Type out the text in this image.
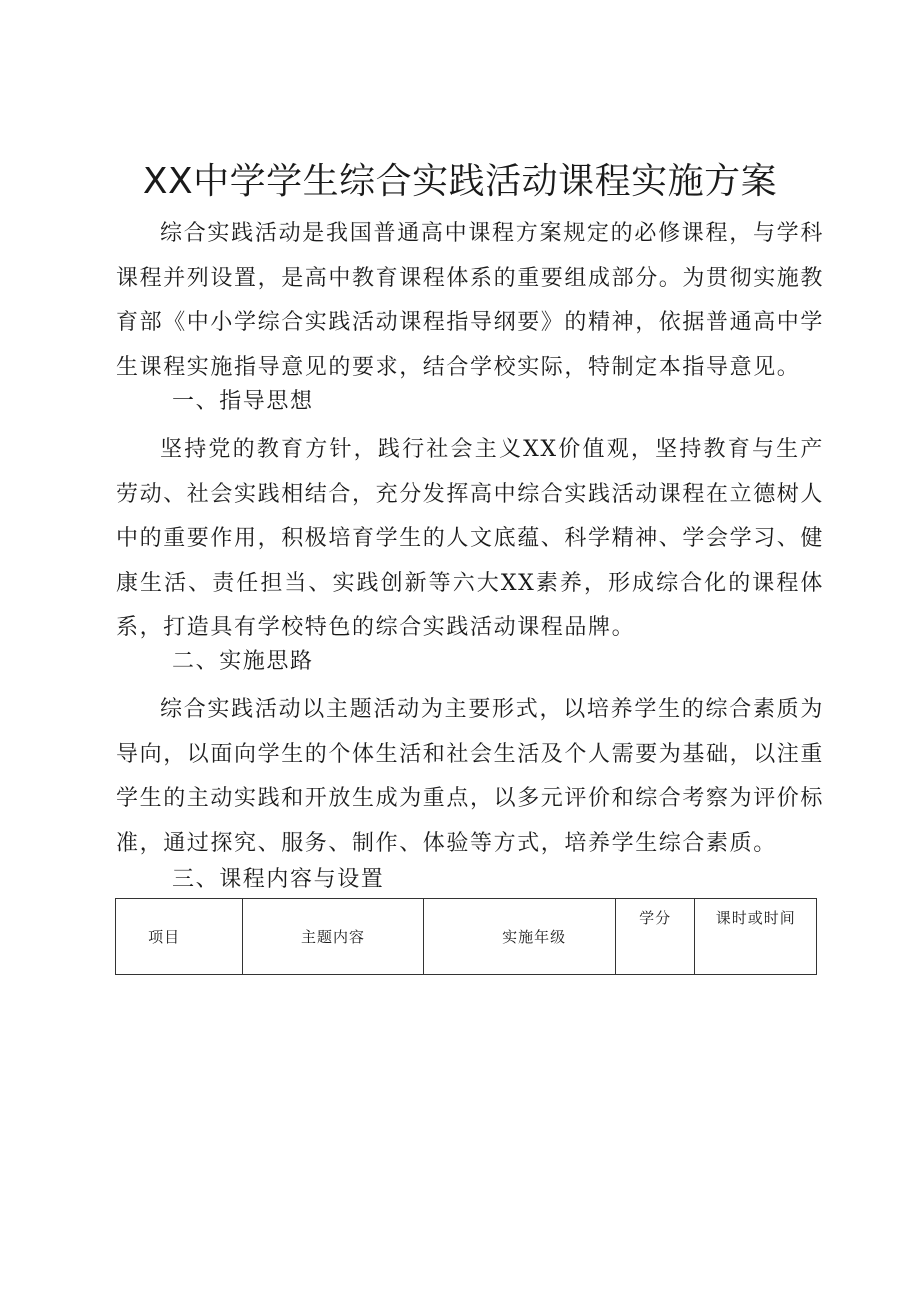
XX中学学生综合实践活动课程实施方案

综合实践活动是我国普通高中课程方案规定的必修课程，与学科课程并列设置，是高中教育课程体系的重要组成部分。为贯彻实施教育部《中小学综合实践活动课程指导纲要》的精神，依据普通高中学生课程实施指导意见的要求，结合学校实际，特制定本指导意见。

一、指导思想

坚持党的教育方针，践行社会主义XX价值观，坚持教育与生产劳动、社会实践相结合，充分发挥高中综合实践活动课程在立德树人中的重要作用，积极培育学生的人文底蕴、科学精神、学会学习、健康生活、责任担当、实践创新等六大XX素养，形成综合化的课程体系，打造具有学校特色的综合实践活动课程品牌。

二、实施思路

综合实践活动以主题活动为主要形式，以培养学生的综合素质为导向，以面向学生的个体生活和社会生活及个人需要为基础，以注重学生的主动实践和开放生成为重点，以多元评价和综合考察为评价标准，通过探究、服务、制作、体验等方式，培养学生综合素质。

三、课程内容与设置

项目	主题内容	实施年级	学分	课时或时间
